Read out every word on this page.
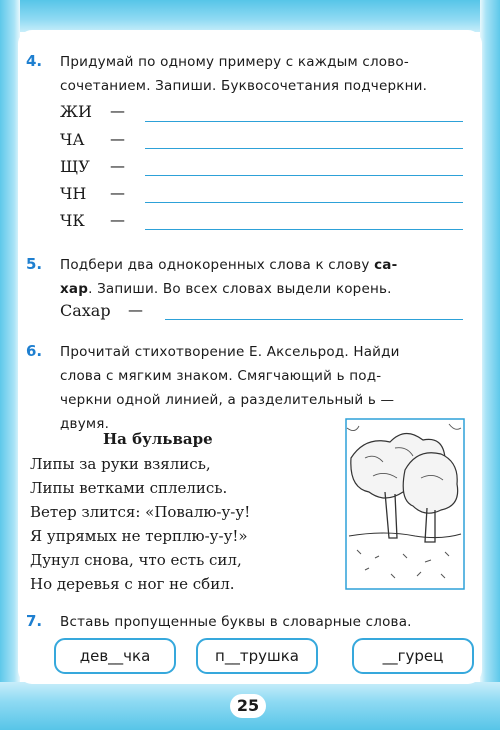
4. Придумай по одному примеру с каждым слово-
сочетанием. Запиши. Буквосочетания подчеркни.
ЖИ —
ЧА —
ЩУ —
ЧН —
ЧК —
5. Подбери два однокоренных слова к слову са-
хар. Запиши. Во всех словах выдели корень.
Сахар —
6. Прочитай стихотворение Е. Аксельрод. Найди
слова с мягким знаком. Смягчающий ь под-
черкни одной линией, а разделительный ь —
двумя.
На бульваре
Липы за руки взялись,
Липы ветками сплелись.
Ветер злится: «Повалю-у-у!
Я упрямых не терплю-у-у!»
Дунул снова, что есть сил,
Но деревья с ног не сбил.
7. Вставь пропущенные буквы в словарные слова.
дев__чка	п__трушка	__гурец
25
